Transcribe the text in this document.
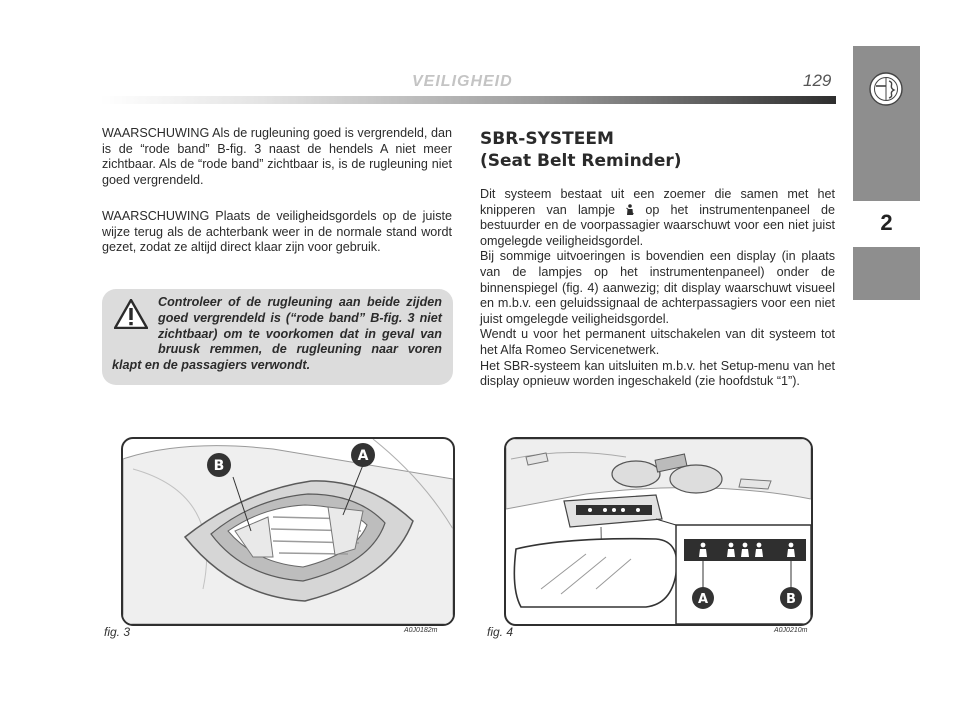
VEILIGHEID	129
2
WAARSCHUWING Als de rugleuning goed is vergrendeld, dan is de “rode band” B-fig. 3 naast de hendels A niet meer zichtbaar. Als de “rode band” zichtbaar is, is de rugleuning niet goed vergrendeld.
WAARSCHUWING Plaats de veiligheidsgordels op de juiste wijze terug als de achterbank weer in de normale stand wordt gezet, zodat ze altijd direct klaar zijn voor gebruik.
Controleer of de rugleuning aan beide zijden goed vergrendeld is (“rode band” B-fig. 3 niet zichtbaar) om te voorkomen dat in geval van bruusk remmen, de rugleuning naar voren klapt en de passagiers verwondt.
SBR-SYSTEEM
(Seat Belt Reminder)
Dit systeem bestaat uit een zoemer die samen met het knipperen van lampje  op het instrumentenpaneel de bestuurder en de voorpassagier waarschuwt voor een niet juist omgelegde veiligheidsgordel.
Bij sommige uitvoeringen is bovendien een display (in plaats van de lampjes op het instrumentenpaneel) onder de binnenspiegel (fig. 4) aanwezig; dit display waarschuwt visueel en m.b.v. een geluidssignaal de achterpassagiers voor een niet juist omgelegde veiligheidsgordel.
Wendt u voor het permanent uitschakelen van dit systeem tot het Alfa Romeo Servicenetwerk.
Het SBR-systeem kan uitsluiten m.b.v. het Setup-menu van het display opnieuw worden ingeschakeld (zie hoofdstuk “1”).
B
A
fig. 3	A0J0182m
A	B
fig. 4	A0J0210m
